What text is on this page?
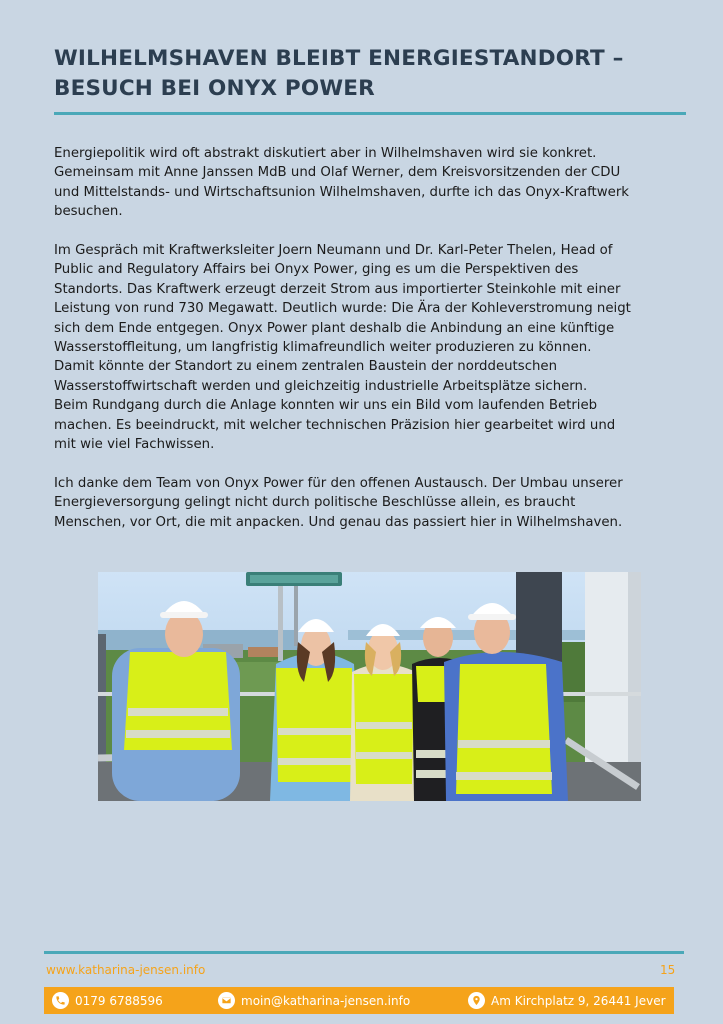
WILHELMSHAVEN BLEIBT ENERGIESTANDORT –
BESUCH BEI ONYX POWER

Energiepolitik wird oft abstrakt diskutiert aber in Wilhelmshaven wird sie konkret.
Gemeinsam mit Anne Janssen MdB und Olaf Werner, dem Kreisvorsitzenden der CDU
und Mittelstands- und Wirtschaftsunion Wilhelmshaven, durfte ich das Onyx-Kraftwerk
besuchen.

Im Gespräch mit Kraftwerksleiter Joern Neumann und Dr. Karl-Peter Thelen, Head of
Public and Regulatory Affairs bei Onyx Power, ging es um die Perspektiven des
Standorts. Das Kraftwerk erzeugt derzeit Strom aus importierter Steinkohle mit einer
Leistung von rund 730 Megawatt. Deutlich wurde: Die Ära der Kohleverstromung neigt
sich dem Ende entgegen. Onyx Power plant deshalb die Anbindung an eine künftige
Wasserstoffleitung, um langfristig klimafreundlich weiter produzieren zu können.
Damit könnte der Standort zu einem zentralen Baustein der norddeutschen
Wasserstoffwirtschaft werden und gleichzeitig industrielle Arbeitsplätze sichern.
Beim Rundgang durch die Anlage konnten wir uns ein Bild vom laufenden Betrieb
machen. Es beeindruckt, mit welcher technischen Präzision hier gearbeitet wird und
mit wie viel Fachwissen.

Ich danke dem Team von Onyx Power für den offenen Austausch. Der Umbau unserer
Energieversorgung gelingt nicht durch politische Beschlüsse allein, es braucht
Menschen, vor Ort, die mit anpacken. Und genau das passiert hier in Wilhelmshaven.

www.katharina-jensen.info	15
0179 6788596	moin@katharina-jensen.info	Am Kirchplatz 9, 26441 Jever
